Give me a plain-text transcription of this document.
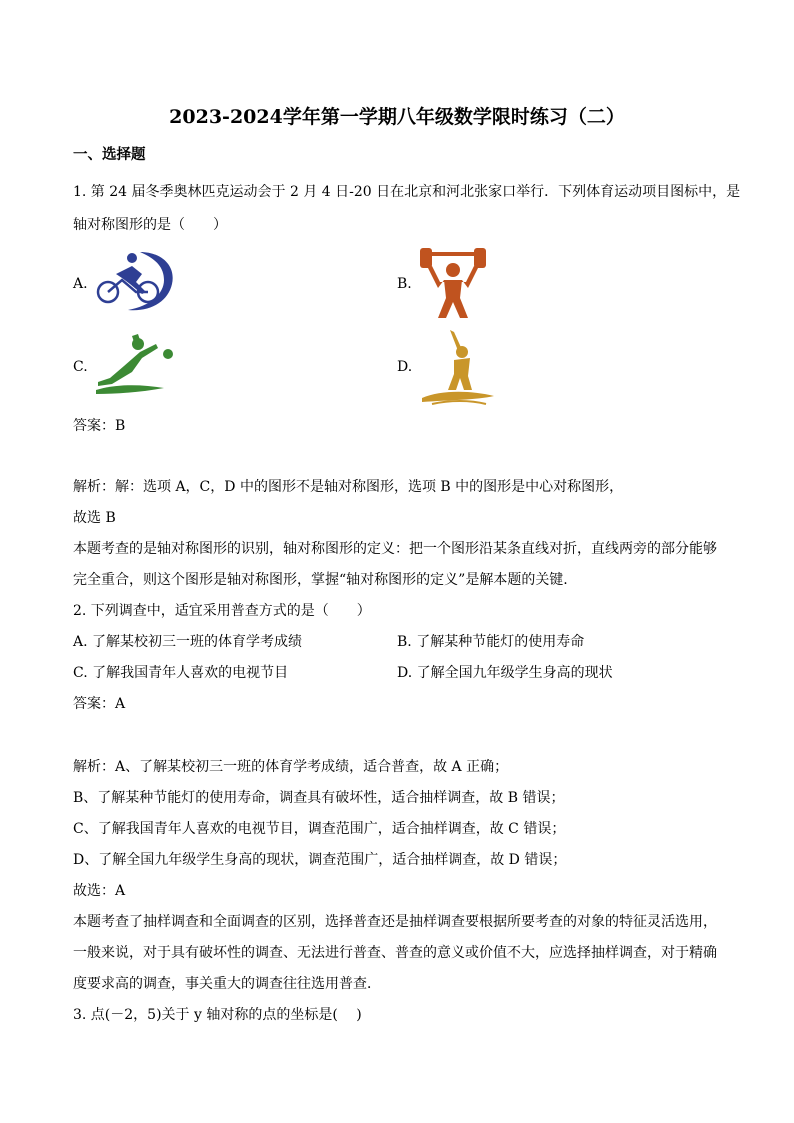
2023-2024学年第一学期八年级数学限时练习（二）
一、选择题
1. 第 24 届冬季奥林匹克运动会于 2 月 4 日-20 日在北京和河北张家口举行．下列体育运动项目图标中，是
轴对称图形的是（　　）
A.	B.
C.	D.
答案：B
解析：解：选项 A，C，D 中的图形不是轴对称图形，选项 B 中的图形是中心对称图形，
故选 B
本题考查的是轴对称图形的识别，轴对称图形的定义：把一个图形沿某条直线对折，直线两旁的部分能够
完全重合，则这个图形是轴对称图形，掌握“轴对称图形的定义”是解本题的关键.
2. 下列调查中，适宜采用普查方式的是（　　）
A. 了解某校初三一班的体育学考成绩	B. 了解某种节能灯的使用寿命
C. 了解我国青年人喜欢的电视节目	D. 了解全国九年级学生身高的现状
答案：A
解析：A、了解某校初三一班的体育学考成绩，适合普查，故 A 正确；
B、了解某种节能灯的使用寿命，调查具有破坏性，适合抽样调查，故 B 错误；
C、了解我国青年人喜欢的电视节目，调查范围广，适合抽样调查，故 C 错误；
D、了解全国九年级学生身高的现状，调查范围广，适合抽样调查，故 D 错误；
故选：A
本题考查了抽样调查和全面调查的区别，选择普查还是抽样调查要根据所要考查的对象的特征灵活选用，
一般来说，对于具有破坏性的调查、无法进行普查、普查的意义或价值不大，应选择抽样调查，对于精确
度要求高的调查，事关重大的调查往往选用普查．
3. 点(－2，5)关于 y 轴对称的点的坐标是(　 )
